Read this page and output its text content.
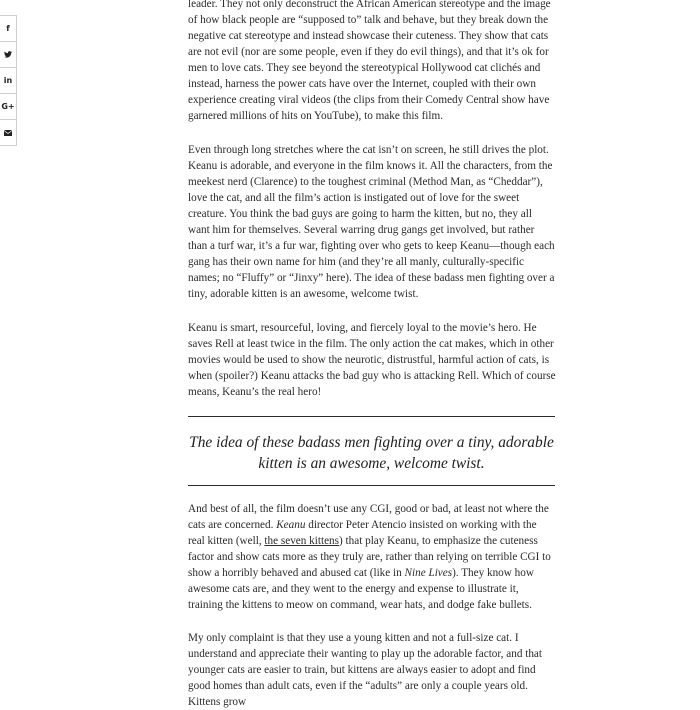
f
in
G+

leader. They not only deconstruct the African American stereotype and the image of how black people are “supposed to” talk and behave, but they break down the negative cat stereotype and instead showcase their cuteness. They show that cats are not evil (nor are some people, even if they do evil things), and that it’s ok for men to love cats. They see beyond the stereotypical Hollywood cat clichés and instead, harness the power cats have over the Internet, coupled with their own experience creating viral videos (the clips from their Comedy Central show have garnered millions of hits on YouTube), to make this film.

Even through long stretches where the cat isn’t on screen, he still drives the plot. Keanu is adorable, and everyone in the film knows it. All the characters, from the meekest nerd (Clarence) to the toughest criminal (Method Man, as “Cheddar”), love the cat, and all the film’s action is instigated out of love for the sweet creature. You think the bad guys are going to harm the kitten, but no, they all want him for themselves. Several warring drug gangs get involved, but rather than a turf war, it’s a fur war, fighting over who gets to keep Keanu—though each gang has their own name for him (and they’re all manly, culturally-specific names; no “Fluffy” or “Jinxy” here). The idea of these badass men fighting over a tiny, adorable kitten is an awesome, welcome twist.

Keanu is smart, resourceful, loving, and fiercely loyal to the movie’s hero. He saves Rell at least twice in the film. The only action the cat makes, which in other movies would be used to show the neurotic, distrustful, harmful action of cats, is when (spoiler?) Keanu attacks the bad guy who is attacking Rell. Which of course means, Keanu’s the real hero!

The idea of these badass men fighting over a tiny, adorable kitten is an awesome, welcome twist.

And best of all, the film doesn’t use any CGI, good or bad, at least not where the cats are concerned. Keanu director Peter Atencio insisted on working with the real kitten (well, the seven kittens) that play Keanu, to emphasize the cuteness factor and show cats more as they truly are, rather than relying on terrible CGI to show a horribly behaved and abused cat (like in Nine Lives). They know how awesome cats are, and they went to the energy and expense to illustrate it, training the kittens to meow on command, wear hats, and dodge fake bullets.

My only complaint is that they use a young kitten and not a full-size cat. I understand and appreciate their wanting to play up the adorable factor, and that younger cats are easier to train, but kittens are always easier to adopt and find good homes than adult cats, even if the “adults” are only a couple years old. Kittens grow
